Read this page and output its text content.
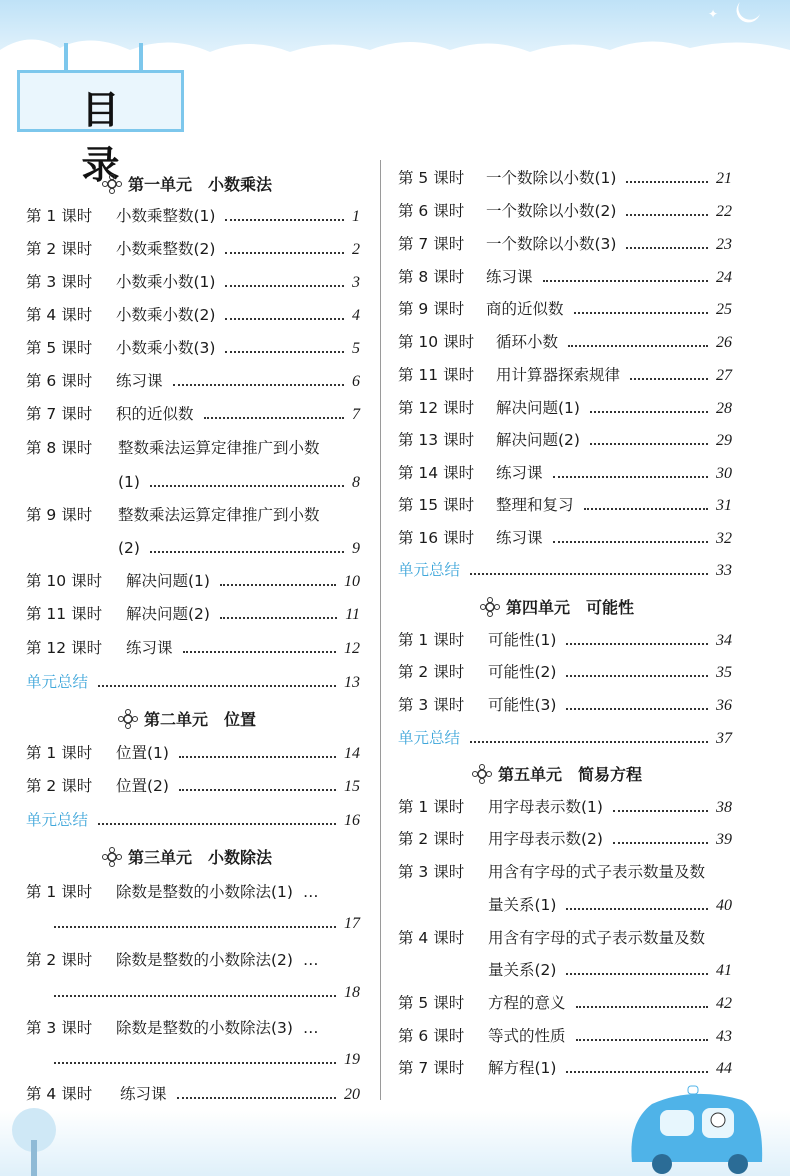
✦
目 录
第一单元 小数乘法
第 1 课时	小数乘整数(1)	1
第 2 课时	小数乘整数(2)	2
第 3 课时	小数乘小数(1)	3
第 4 课时	小数乘小数(2)	4
第 5 课时	小数乘小数(3)	5
第 6 课时	练习课	6
第 7 课时	积的近似数	7
第 8 课时	整数乘法运算定律推广到小数
(1)	8
第 9 课时	整数乘法运算定律推广到小数
(2)	9
第 10 课时	解决问题(1)	10
第 11 课时	解决问题(2)	11
第 12 课时	练习课	12
单元总结	13
第二单元 位置
第 1 课时	位置(1)	14
第 2 课时	位置(2)	15
单元总结	16
第三单元 小数除法
第 1 课时	除数是整数的小数除法(1) …
17
第 2 课时	除数是整数的小数除法(2) …
18
第 3 课时	除数是整数的小数除法(3) …
19
第 4 课时	练习课	20
第 5 课时	一个数除以小数(1)	21
第 6 课时	一个数除以小数(2)	22
第 7 课时	一个数除以小数(3)	23
第 8 课时	练习课	24
第 9 课时	商的近似数	25
第 10 课时	循环小数	26
第 11 课时	用计算器探索规律	27
第 12 课时	解决问题(1)	28
第 13 课时	解决问题(2)	29
第 14 课时	练习课	30
第 15 课时	整理和复习	31
第 16 课时	练习课	32
单元总结	33
第四单元 可能性
第 1 课时	可能性(1)	34
第 2 课时	可能性(2)	35
第 3 课时	可能性(3)	36
单元总结	37
第五单元 简易方程
第 1 课时	用字母表示数(1)	38
第 2 课时	用字母表示数(2)	39
第 3 课时	用含有字母的式子表示数量及数
量关系(1)	40
第 4 课时	用含有字母的式子表示数量及数
量关系(2)	41
第 5 课时	方程的意义	42
第 6 课时	等式的性质	43
第 7 课时	解方程(1)	44
